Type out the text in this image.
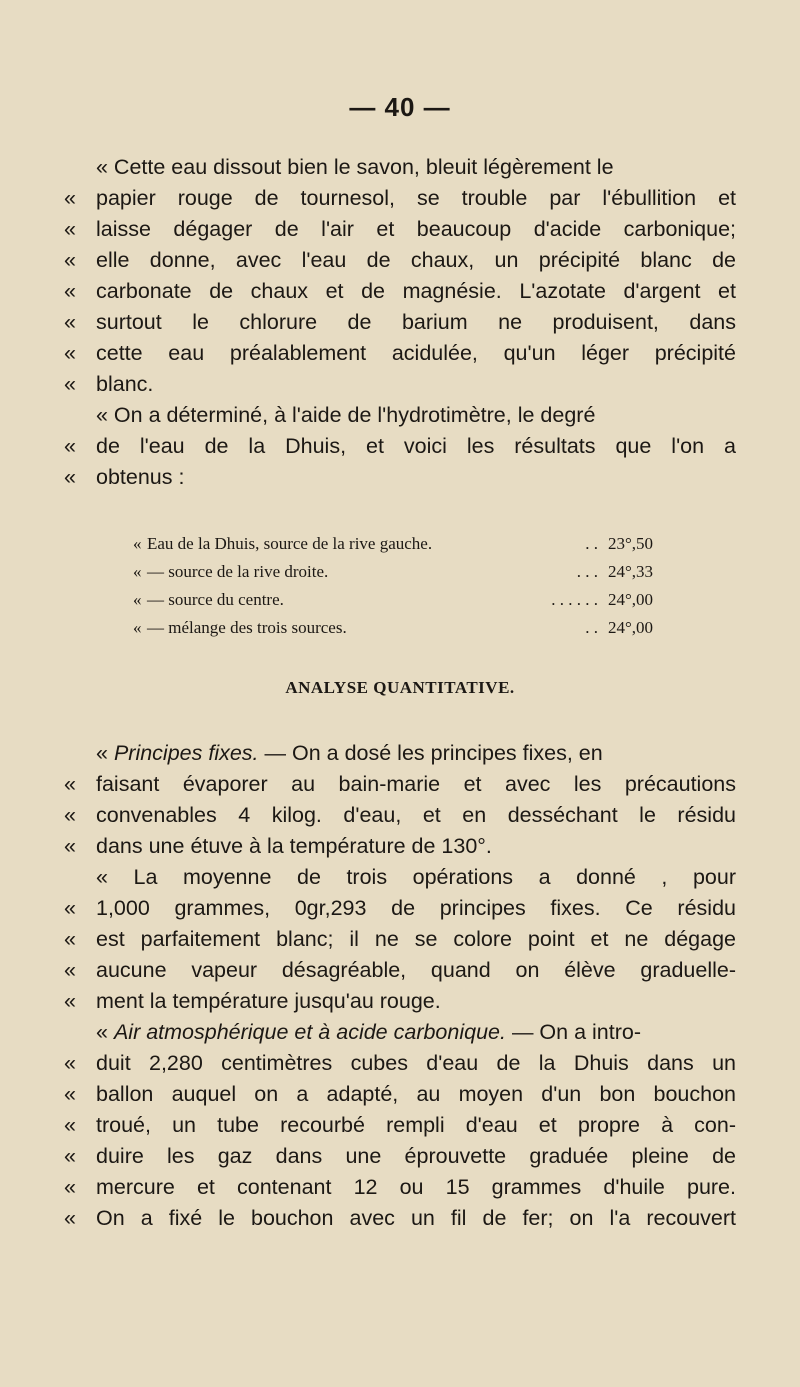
— 40 —
« Cette eau dissout bien le savon, bleuit légèrement le
« papier rouge de tournesol, se trouble par l'ébullition et
« laisse dégager de l'air et beaucoup d'acide carbonique;
« elle donne, avec l'eau de chaux, un précipité blanc de
« carbonate de chaux et de magnésie. L'azotate d'argent et
« surtout le chlorure de barium ne produisent, dans
« cette eau préalablement acidulée, qu'un léger précipité
« blanc.
« On a déterminé, à l'aide de l'hydrotimètre, le degré
« de l'eau de la Dhuis, et voici les résultats que l'on a
« obtenus :
« Eau de la Dhuis, source de la rive gauche.	. . 23°,50
« — source de la rive droite.	. . . 24°,33
« — source du centre.	. . . . . . 24°,00
« — mélange des trois sources.	. . 24°,00
ANALYSE QUANTITATIVE.
« Principes fixes. — On a dosé les principes fixes, en
« faisant évaporer au bain-marie et avec les précautions
« convenables 4 kilog. d'eau, et en desséchant le résidu
« dans une étuve à la température de 130°.
« La moyenne de trois opérations a donné , pour
« 1,000 grammes, 0gr,293 de principes fixes. Ce résidu
« est parfaitement blanc; il ne se colore point et ne dégage
« aucune vapeur désagréable, quand on élève graduelle-
« ment la température jusqu'au rouge.
« Air atmosphérique et à acide carbonique. — On a intro-
« duit 2,280 centimètres cubes d'eau de la Dhuis dans un
« ballon auquel on a adapté, au moyen d'un bon bouchon
« troué, un tube recourbé rempli d'eau et propre à con-
« duire les gaz dans une éprouvette graduée pleine de
« mercure et contenant 12 ou 15 grammes d'huile pure.
« On a fixé le bouchon avec un fil de fer; on l'a recouvert
